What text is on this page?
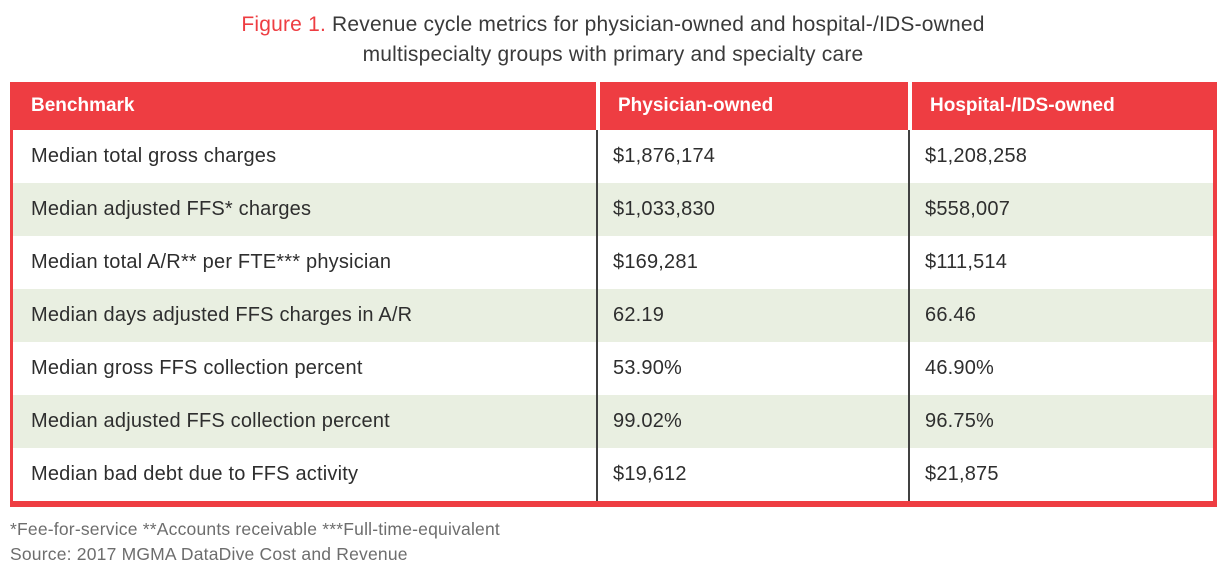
Figure 1. Revenue cycle metrics for physician-owned and hospital-/IDS-owned multispecialty groups with primary and specialty care
Benchmark	Physician-owned	Hospital-/IDS-owned
Median total gross charges	$1,876,174	$1,208,258
Median adjusted FFS* charges	$1,033,830	$558,007
Median total A/R** per FTE*** physician	$169,281	$111,514
Median days adjusted FFS charges in A/R	62.19	66.46
Median gross FFS collection percent	53.90%	46.90%
Median adjusted FFS collection percent	99.02%	96.75%
Median bad debt due to FFS activity	$19,612	$21,875
*Fee-for-service **Accounts receivable ***Full-time-equivalent
Source: 2017 MGMA DataDive Cost and Revenue
